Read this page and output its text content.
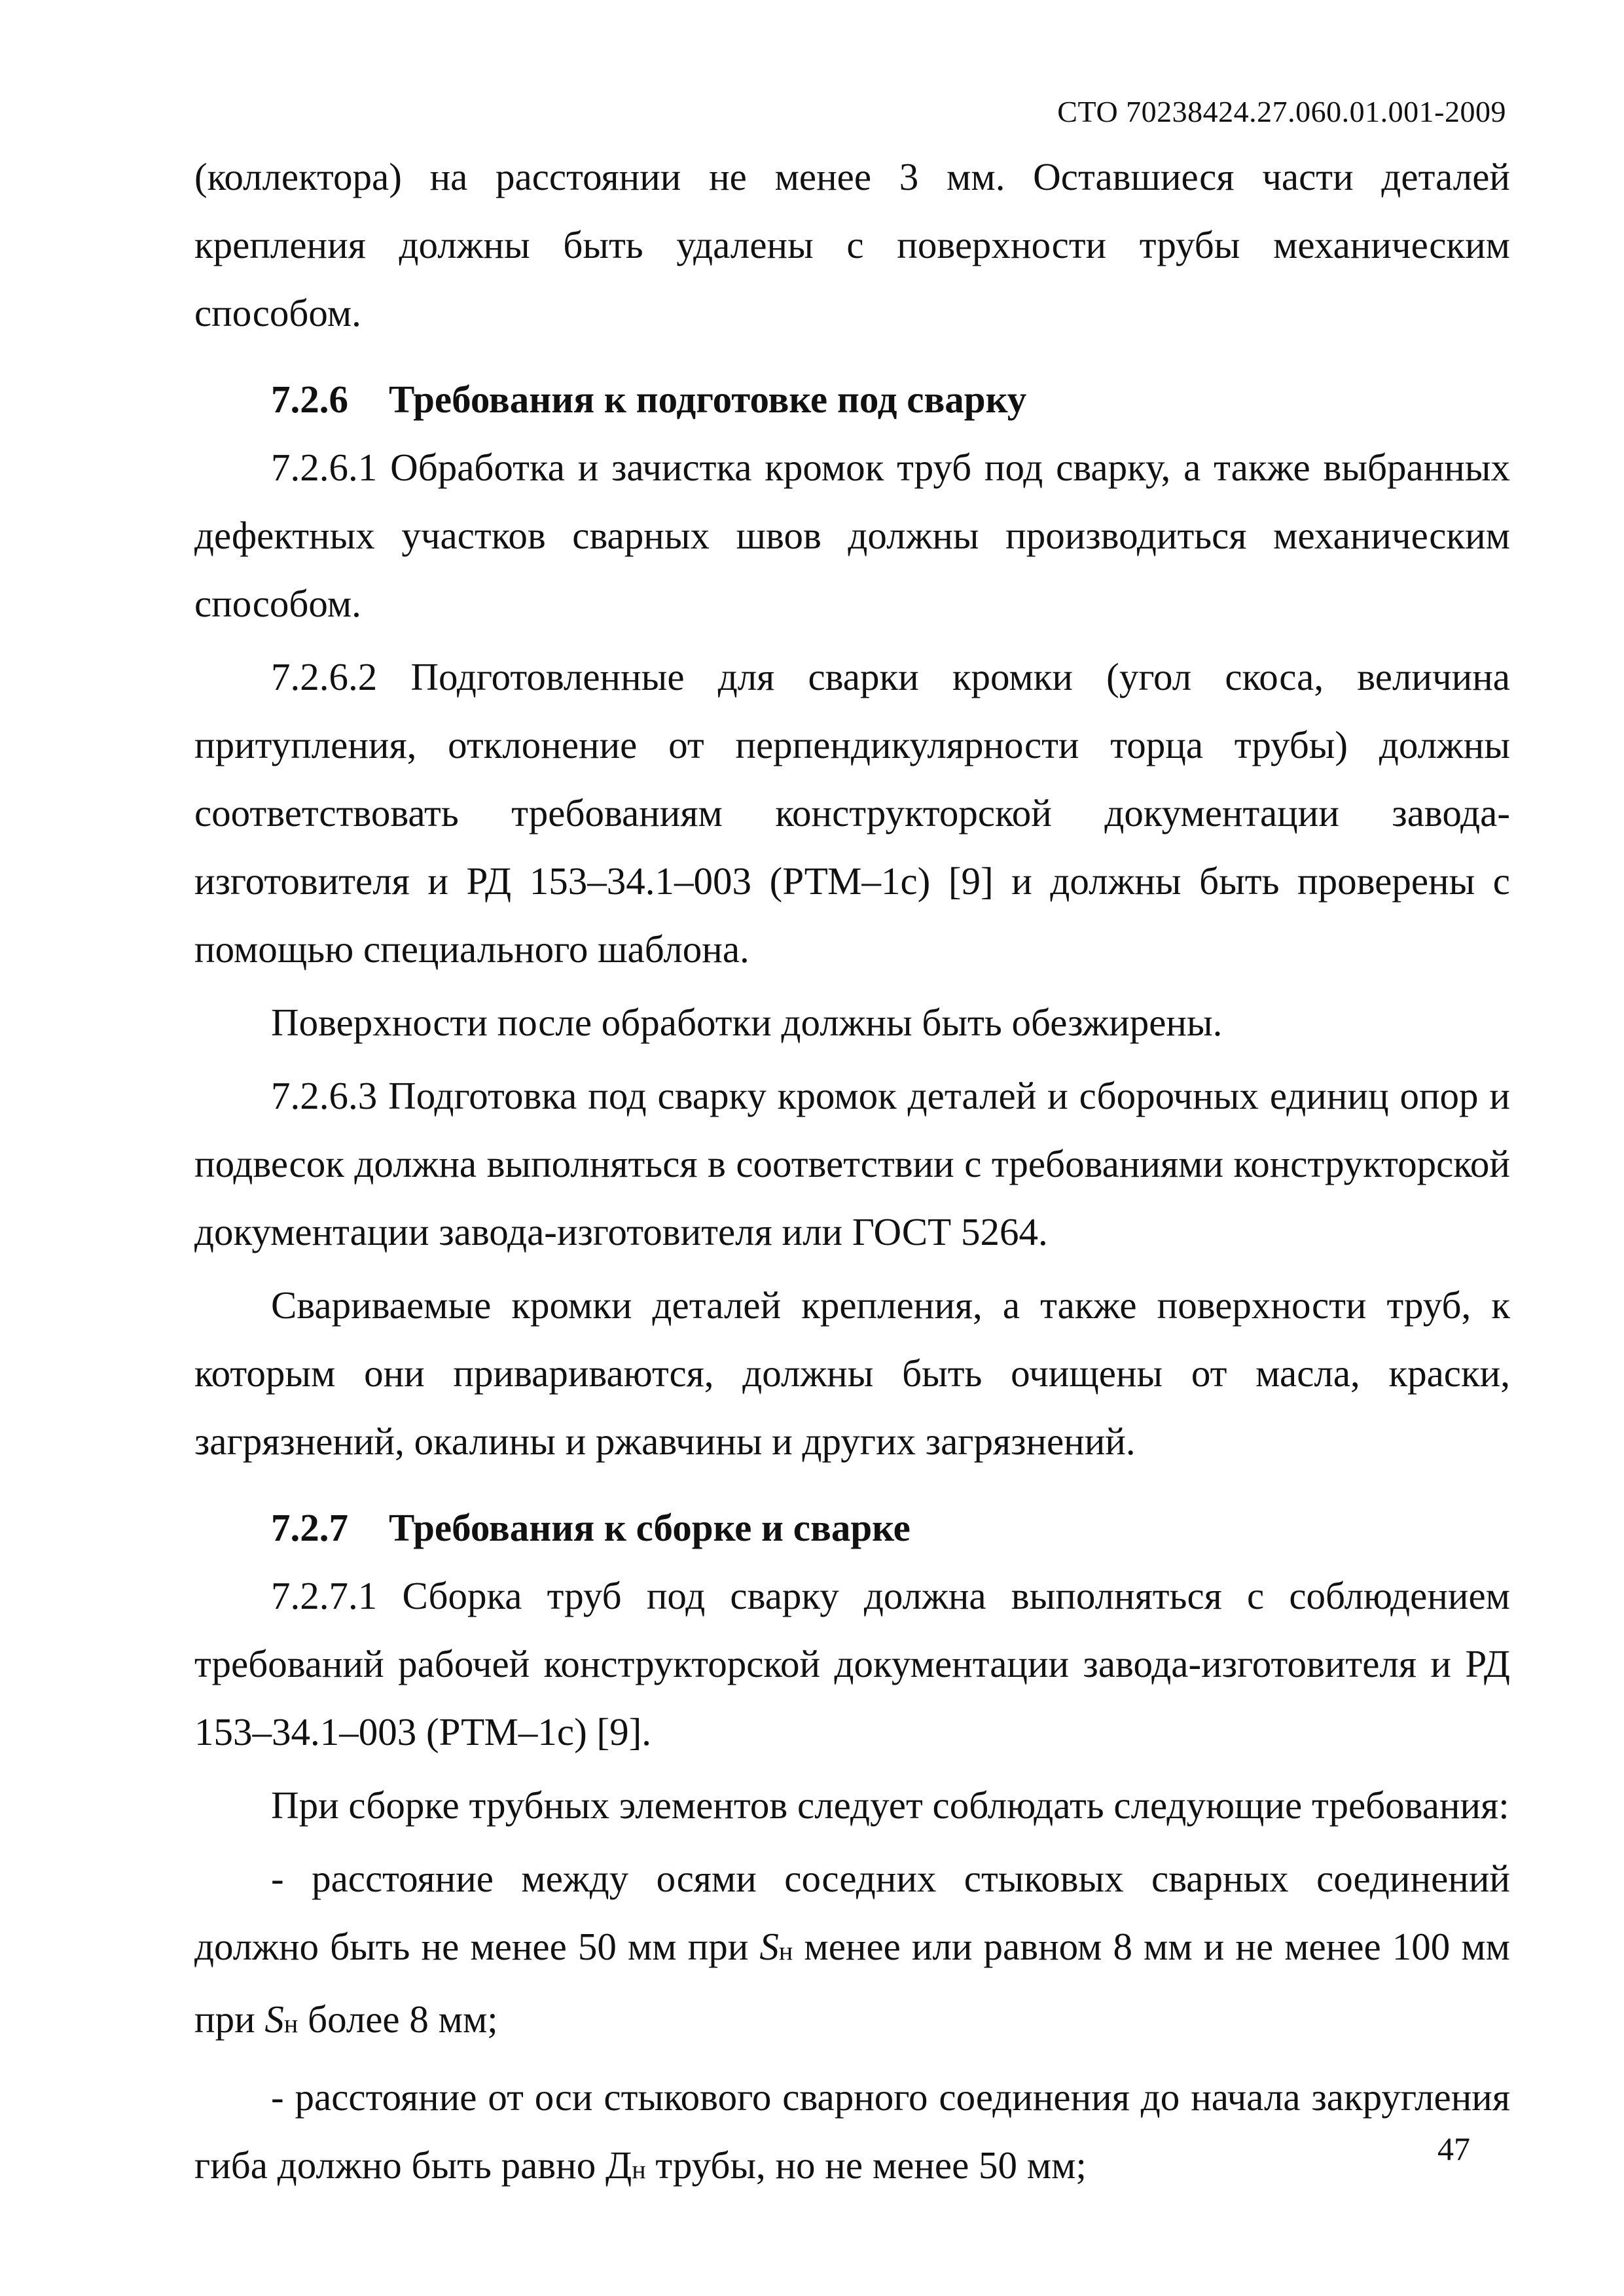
СТО 70238424.27.060.01.001-2009

(коллектора) на расстоянии не менее 3 мм. Оставшиеся части деталей крепления должны быть удалены с поверхности трубы механическим способом.

7.2.6 Требования к подготовке под сварку

7.2.6.1 Обработка и зачистка кромок труб под сварку, а также выбранных дефектных участков сварных швов должны производиться механическим способом.

7.2.6.2 Подготовленные для сварки кромки (угол скоса, величина притупления, отклонение от перпендикулярности торца трубы) должны соответствовать требованиям конструкторской документации завода-изготовителя и РД 153–34.1–003 (РТМ–1с) [9] и должны быть проверены с помощью специального шаблона.

Поверхности после обработки должны быть обезжирены.

7.2.6.3 Подготовка под сварку кромок деталей и сборочных единиц опор и подвесок должна выполняться в соответствии с требованиями конструкторской документации завода-изготовителя или ГОСТ 5264.

Свариваемые кромки деталей крепления, а также поверхности труб, к которым они привариваются, должны быть очищены от масла, краски, загрязнений, окалины и ржавчины и других загрязнений.

7.2.7 Требования к сборке и сварке

7.2.7.1 Сборка труб под сварку должна выполняться с соблюдением требований рабочей конструкторской документации завода-изготовителя и РД 153–34.1–003 (РТМ–1с) [9].

При сборке трубных элементов следует соблюдать следующие требования:

- расстояние между осями соседних стыковых сварных соединений должно быть не менее 50 мм при Sн менее или равном 8 мм и не менее 100 мм при Sн более 8 мм;

- расстояние от оси стыкового сварного соединения до начала закругления гиба должно быть равно Дн трубы, но не менее 50 мм;	47
